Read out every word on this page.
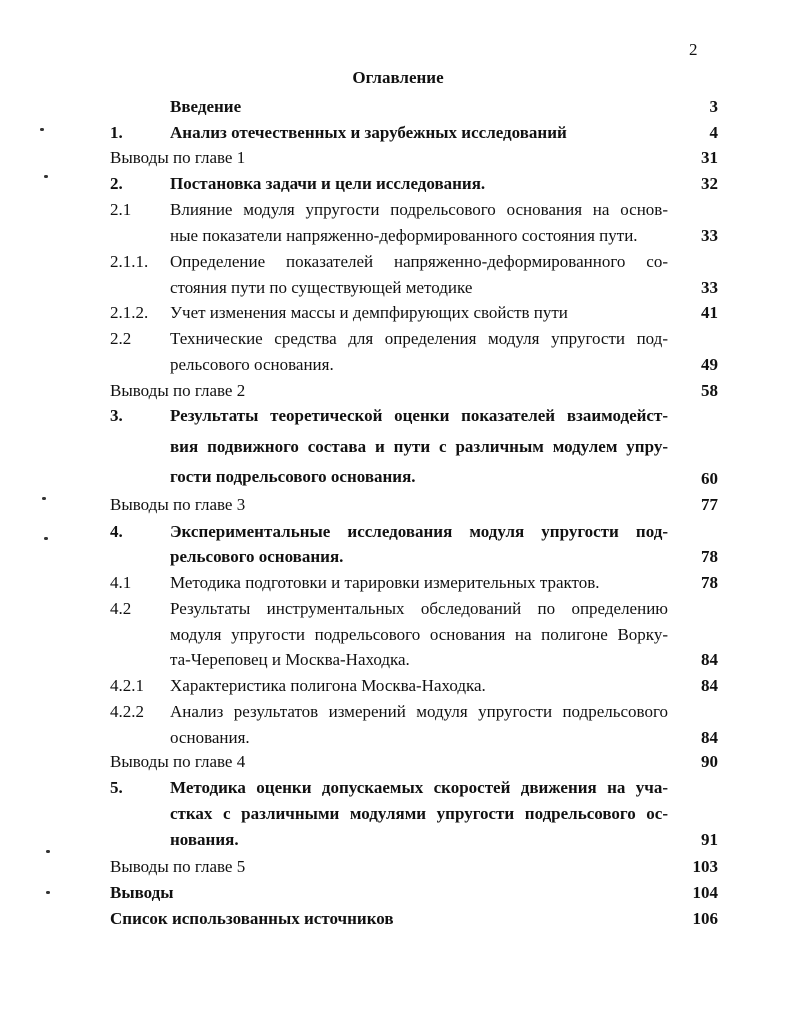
2
Оглавление
Введение	3
1.	Анализ отечественных и зарубежных исследований	4
Выводы по главе 1	31
2.	Постановка задачи и цели исследования.	32
2.1 Влияние модуля упругости подрельсового основания на основ-
ные показатели напряженно-деформированного состояния пути.	33
2.1.1. Определение показателей напряженно-деформированного со-
стояния пути по существующей методике	33
2.1.2. Учет изменения массы и демпфирующих свойств пути	41
2.2 Технические средства для определения модуля упругости под-
рельсового основания.	49
Выводы по главе 2	58
3.	Результаты теоретической оценки показателей взаимодейст-
вия подвижного состава и пути с различным модулем упру-
гости подрельсового основания.	60
Выводы по главе 3	77
4.	Экспериментальные исследования модуля упругости под-
рельсового основания.	78
4.1 Методика подготовки и тарировки измерительных трактов.	78
4.2 Результаты инструментальных обследований по определению
модуля упругости подрельсового основания на полигоне Ворку-
та-Череповец и Москва-Находка.	84
4.2.1 Характеристика полигона Москва-Находка.	84
4.2.2 Анализ результатов измерений модуля упругости подрельсового
основания.	84
Выводы по главе 4	90
5.	Методика оценки допускаемых скоростей движения на уча-
стках с различными модулями упругости подрельсового ос-
нования.	91
Выводы по главе 5	103
Выводы	104
Список использованных источников	106
